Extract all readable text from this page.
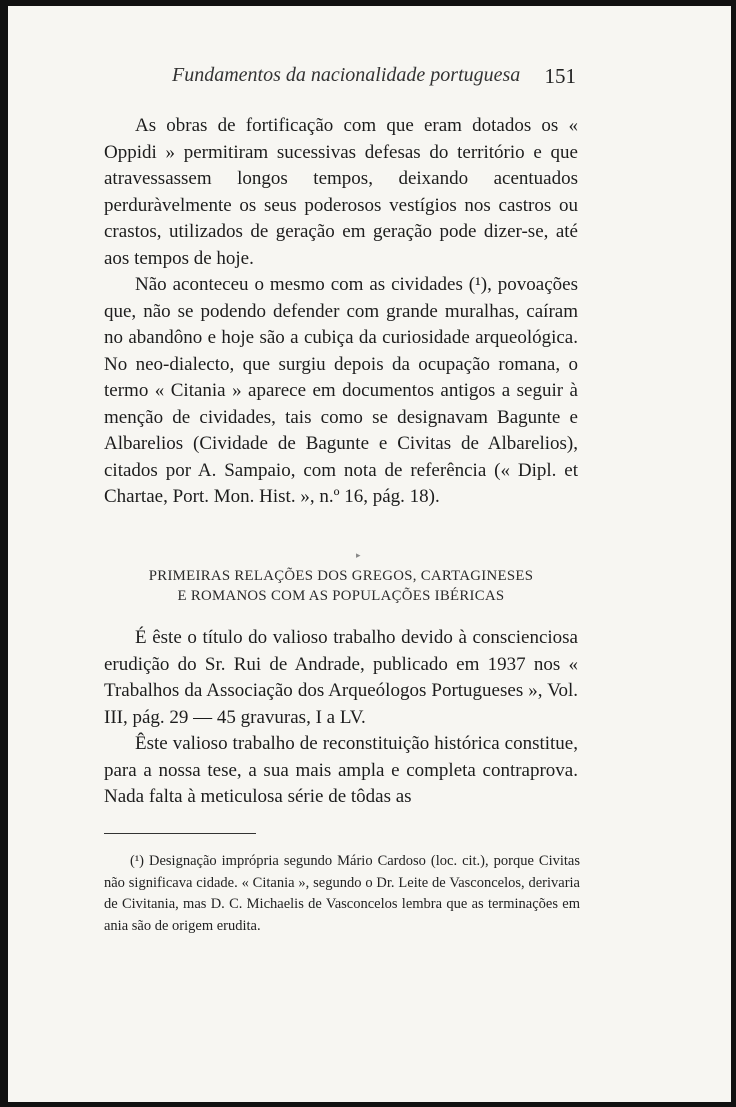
Fundamentos da nacionalidade portuguesa 151

As obras de fortificação com que eram dotados os « Oppidi » permitiram sucessivas defesas do território e que atravessassem longos tempos, deixando acentuados perduràvelmente os seus poderosos vestígios nos castros ou crastos, utilizados de geração em geração pode dizer-se, até aos tempos de hoje.

Não aconteceu o mesmo com as cividades (¹), povoações que, não se podendo defender com grande muralhas, caíram no abandôno e hoje são a cubiça da curiosidade arqueológica. No neo-dialecto, que surgiu depois da ocupação romana, o termo « Citania » aparece em documentos antigos a seguir à menção de cividades, tais como se designavam Bagunte e Albarelios (Cividade de Bagunte e Civitas de Albarelios), citados por A. Sampaio, com nota de referência (« Dipl. et Chartae, Port. Mon. Hist. », n.º 16, pág. 18).

▸
PRIMEIRAS RELAÇÕES DOS GREGOS, CARTAGINESES
E ROMANOS COM AS POPULAÇÕES IBÉRICAS

É êste o título do valioso trabalho devido à conscienciosa erudição do Sr. Rui de Andrade, publicado em 1937 nos « Trabalhos da Associação dos Arqueólogos Portugueses », Vol. III, pág. 29 — 45 gravuras, I a LV.

Êste valioso trabalho de reconstituição histórica constitue, para a nossa tese, a sua mais ampla e completa contraprova. Nada falta à meticulosa série de tôdas as

(¹) Designação imprópria segundo Mário Cardoso (loc. cit.), porque Civitas não significava cidade. « Citania », segundo o Dr. Leite de Vasconcelos, derivaria de Civitania, mas D. C. Michaelis de Vasconcelos lembra que as terminações em ania são de origem erudita.
